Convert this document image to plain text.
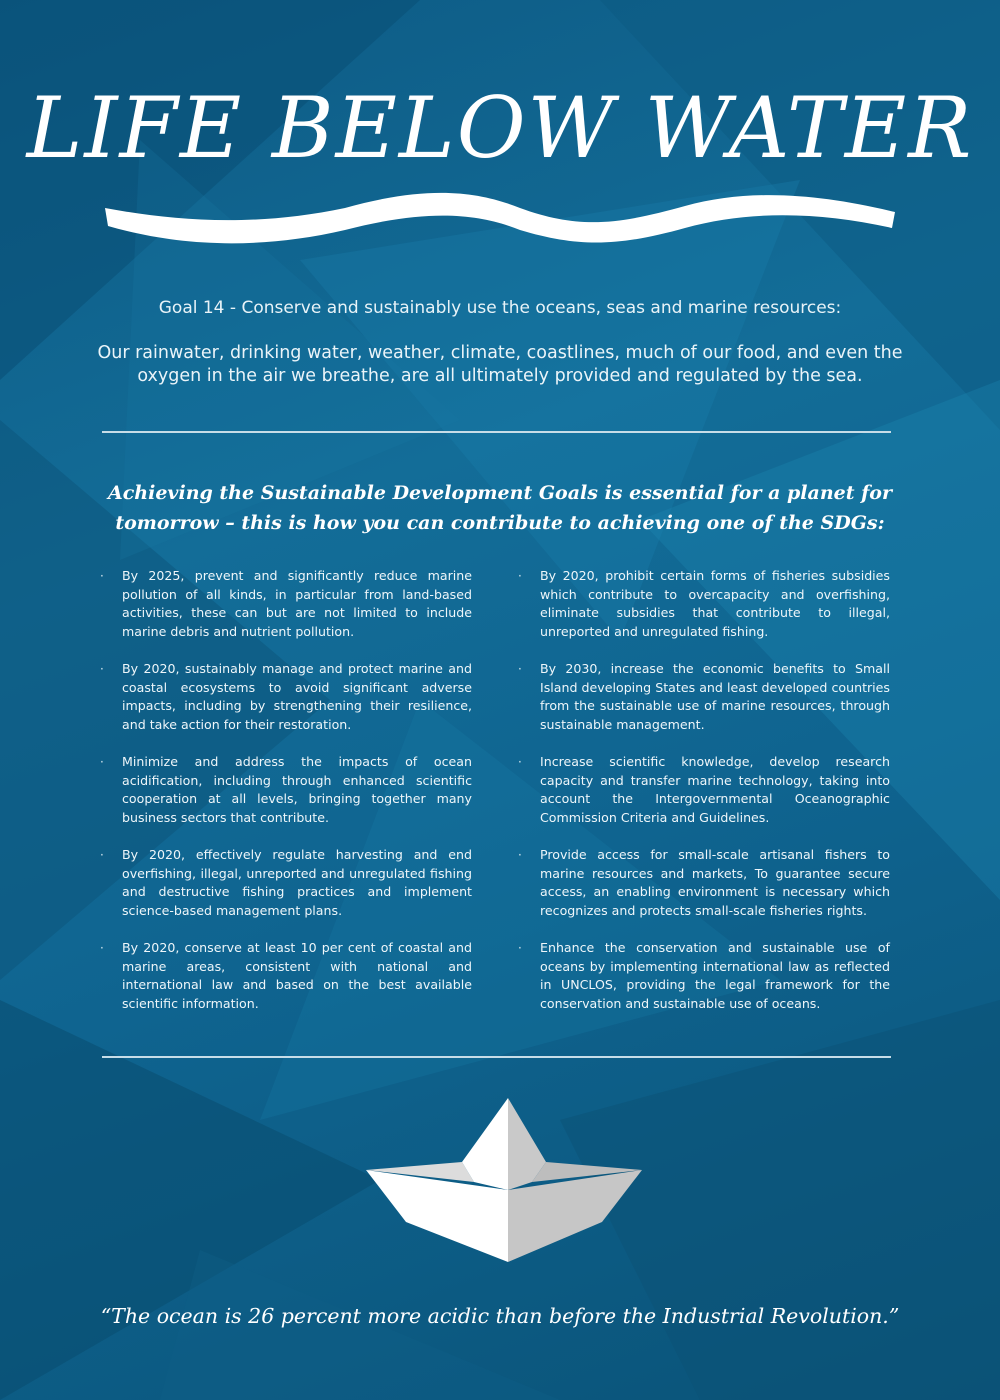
LIFE BELOW WATER
Goal 14 - Conserve and sustainably use the oceans, seas and marine resources:
Our rainwater, drinking water, weather, climate, coastlines, much of our food, and even the oxygen in the air we breathe, are all ultimately provided and regulated by the sea.
Achieving the Sustainable Development Goals is essential for a planet for tomorrow – this is how you can contribute to achieving one of the SDGs:
· By 2025, prevent and significantly reduce marine pollution of all kinds, in particular from land-based activities, these can but are not limited to include marine debris and nutrient pollution.
· By 2020, sustainably manage and protect marine and coastal ecosystems to avoid significant adverse impacts, including by strengthening their resilience, and take action for their restoration.
· Minimize and address the impacts of ocean acidification, including through enhanced scientific cooperation at all levels, bringing together many business sectors that contribute.
· By 2020, effectively regulate harvesting and end overfishing, illegal, unreported and unregulated fishing and destructive fishing practices and implement science-based management plans.
· By 2020, conserve at least 10 per cent of coastal and marine areas, consistent with national and international law and based on the best available scientific information.
· By 2020, prohibit certain forms of fisheries subsidies which contribute to overcapacity and overfishing, eliminate subsidies that contribute to illegal, unreported and unregulated fishing.
· By 2030, increase the economic benefits to Small Island developing States and least developed countries from the sustainable use of marine resources, through sustainable management.
· Increase scientific knowledge, develop research capacity and transfer marine technology, taking into account the Intergovernmental Oceanographic Commission Criteria and Guidelines.
· Provide access for small-scale artisanal fishers to marine resources and markets, To guarantee secure access, an enabling environment is necessary which recognizes and protects small-scale fisheries rights.
· Enhance the conservation and sustainable use of oceans by implementing international law as reflected in UNCLOS, providing the legal framework for the conservation and sustainable use of oceans.
“The ocean is 26 percent more acidic than before the Industrial Revolution.”
